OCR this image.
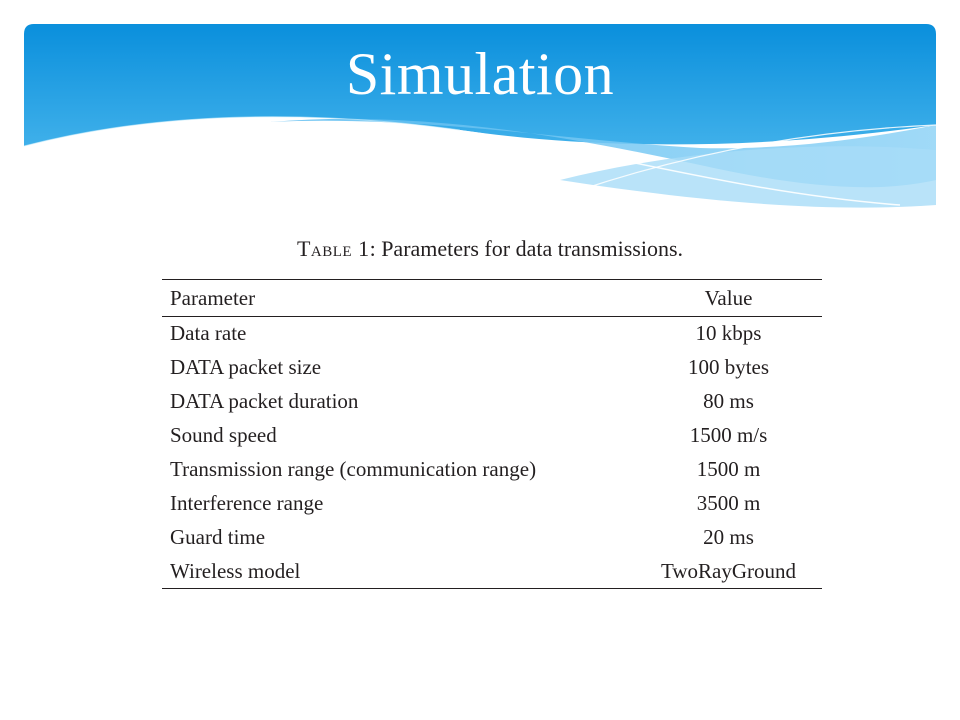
Simulation
Table 1: Parameters for data transmissions.
Parameter	Value
Data rate	10 kbps
DATA packet size	100 bytes
DATA packet duration	80 ms
Sound speed	1500 m/s
Transmission range (communication range)	1500 m
Interference range	3500 m
Guard time	20 ms
Wireless model	TwoRayGround
